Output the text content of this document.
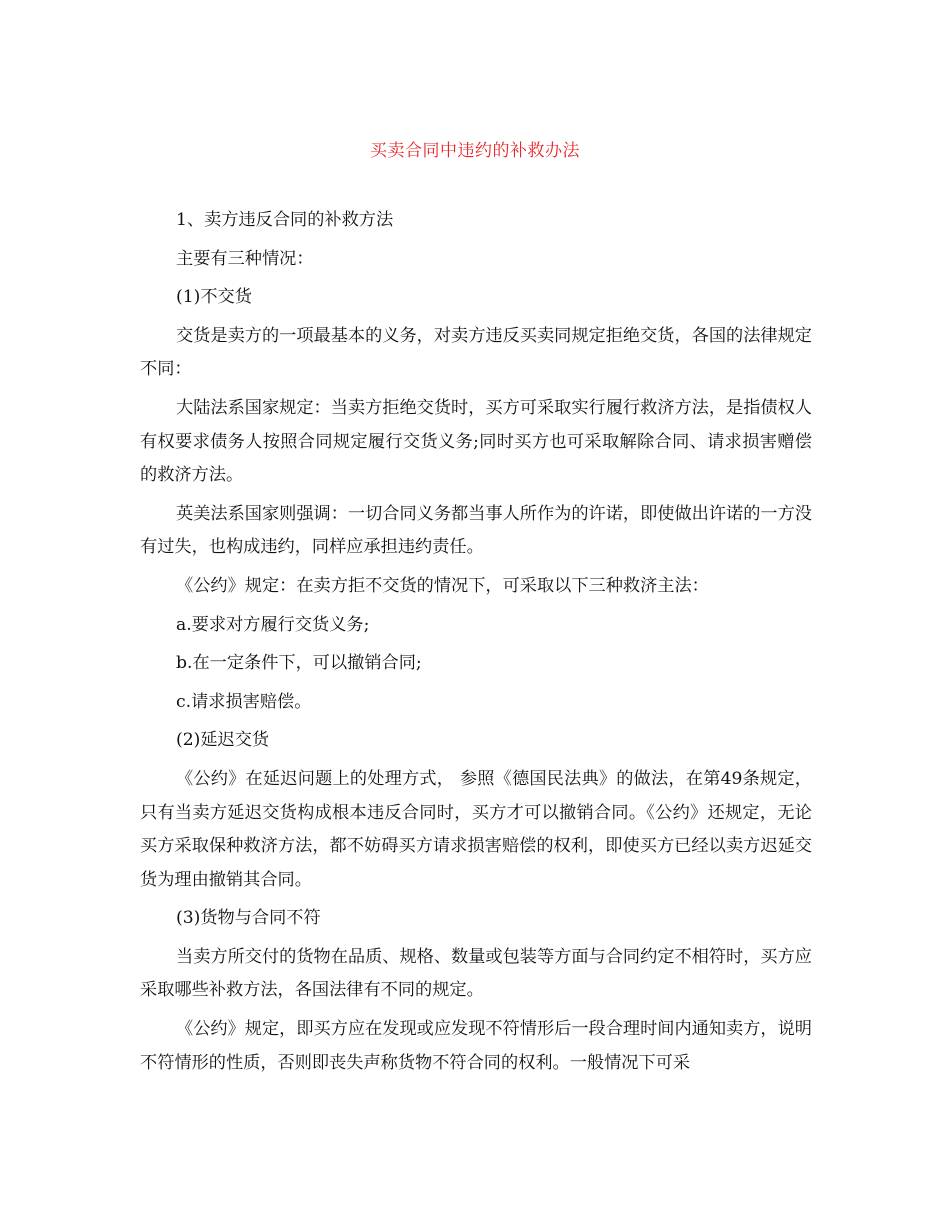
买卖合同中违约的补救办法

1、卖方违反合同的补救方法

主要有三种情况：

(1)不交货

交货是卖方的一项最基本的义务，对卖方违反买卖同规定拒绝交货，各国的法律规定不同：

大陆法系国家规定：当卖方拒绝交货时，买方可采取实行履行救济方法，是指债权人有权要求债务人按照合同规定履行交货义务;同时买方也可采取解除合同、请求损害赠偿的救济方法。

英美法系国家则强调：一切合同义务都当事人所作为的许诺，即使做出许诺的一方没有过失，也构成违约，同样应承担违约责任。

《公约》规定：在卖方拒不交货的情况下，可采取以下三种救济主法：

a.要求对方履行交货义务;

b.在一定条件下，可以撤销合同;

c.请求损害赔偿。

(2)延迟交货

《公约》在延迟问题上的处理方式， 参照《德国民法典》的做法，在第49条规定，只有当卖方延迟交货构成根本违反合同时，买方才可以撤销合同。《公约》还规定，无论买方采取保种救济方法，都不妨碍买方请求损害赔偿的权利，即使买方已经以卖方迟延交货为理由撤销其合同。

(3)货物与合同不符

当卖方所交付的货物在品质、规格、数量或包装等方面与合同约定不相符时，买方应采取哪些补救方法，各国法律有不同的规定。

《公约》规定，即买方应在发现或应发现不符情形后一段合理时间内通知卖方，说明不符情形的性质，否则即丧失声称货物不符合同的权利。一般情况下可采
